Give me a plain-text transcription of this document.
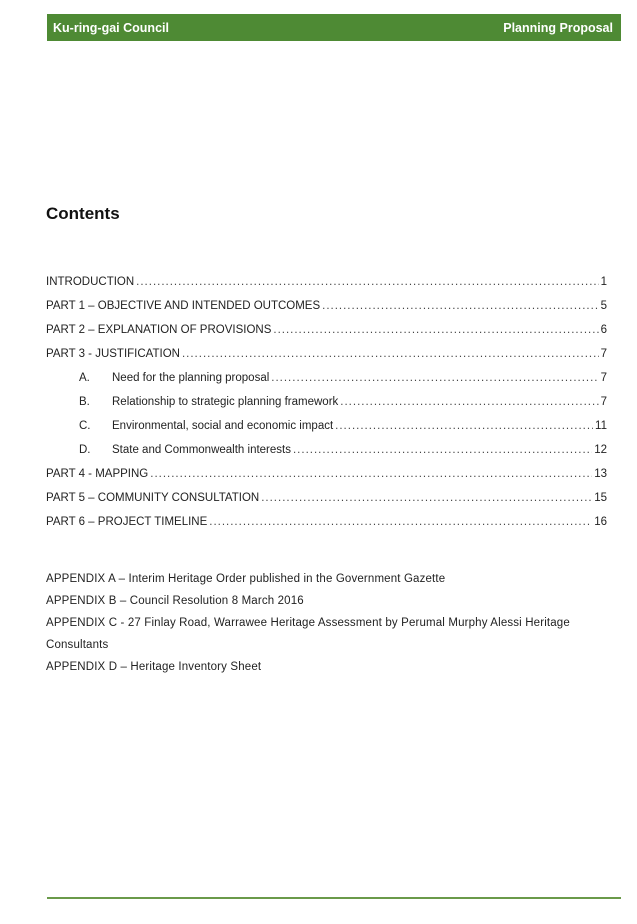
Ku-ring-gai Council	Planning Proposal
Contents
INTRODUCTION .....	1
PART 1 – OBJECTIVE AND INTENDED OUTCOMES .....	5
PART 2 – EXPLANATION OF PROVISIONS .....	6
PART 3 - JUSTIFICATION .....	7
A.	Need for the planning proposal .....	7
B.	Relationship to strategic planning framework .....	7
C.	Environmental, social and economic impact .....	11
D.	State and Commonwealth interests .....	12
PART 4 - MAPPING .....	13
PART 5 – COMMUNITY CONSULTATION .....	15
PART 6 – PROJECT TIMELINE .....	16
APPENDIX A – Interim Heritage Order published in the Government Gazette
APPENDIX B – Council Resolution 8 March 2016
APPENDIX C - 27 Finlay Road, Warrawee Heritage Assessment by Perumal Murphy Alessi Heritage Consultants
APPENDIX D – Heritage Inventory Sheet
